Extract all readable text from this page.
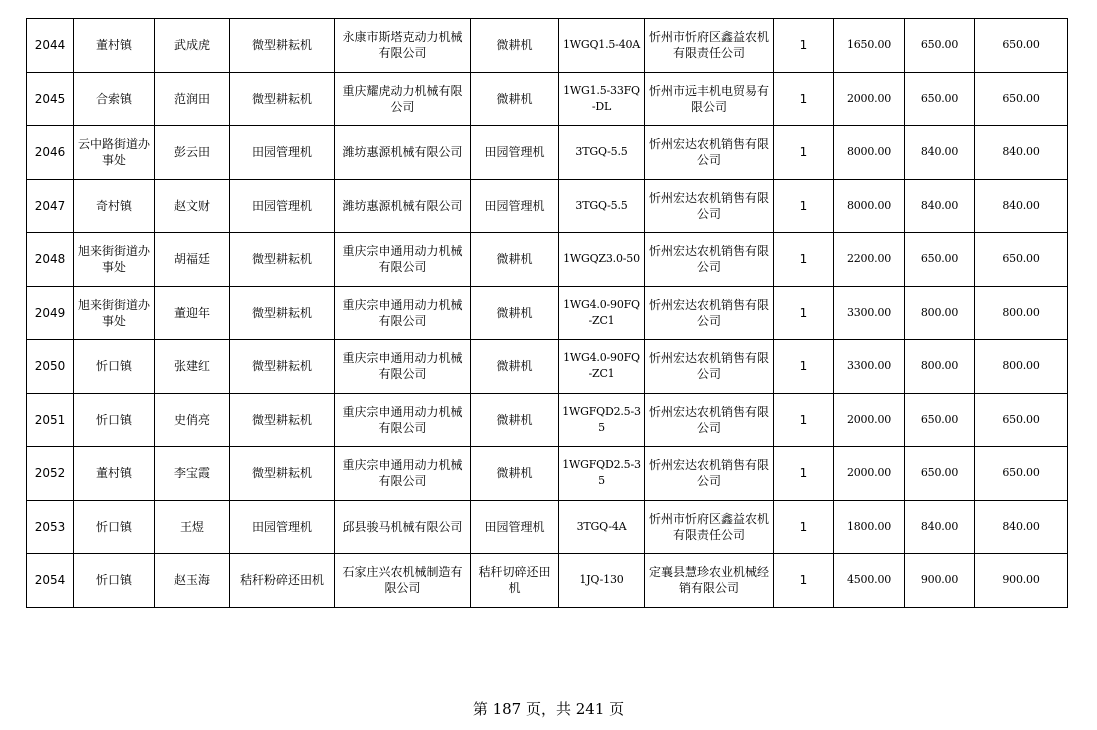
2044	董村镇	武成虎	微型耕耘机	永康市斯塔克动力机械有限公司	微耕机	1WGQ1.5-40A	忻州市忻府区鑫益农机有限责任公司	1	1650.00	650.00	650.00
2045	合索镇	范润田	微型耕耘机	重庆耀虎动力机械有限公司	微耕机	1WG1.5-33FQ-DL	忻州市远丰机电贸易有限公司	1	2000.00	650.00	650.00
2046	云中路街道办事处	彭云田	田园管理机	潍坊惠源机械有限公司	田园管理机	3TGQ-5.5	忻州宏达农机销售有限公司	1	8000.00	840.00	840.00
2047	奇村镇	赵文财	田园管理机	潍坊惠源机械有限公司	田园管理机	3TGQ-5.5	忻州宏达农机销售有限公司	1	8000.00	840.00	840.00
2048	旭来街街道办事处	胡福廷	微型耕耘机	重庆宗申通用动力机械有限公司	微耕机	1WGQZ3.0-50	忻州宏达农机销售有限公司	1	2200.00	650.00	650.00
2049	旭来街街道办事处	董迎年	微型耕耘机	重庆宗申通用动力机械有限公司	微耕机	1WG4.0-90FQ-ZC1	忻州宏达农机销售有限公司	1	3300.00	800.00	800.00
2050	忻口镇	张建红	微型耕耘机	重庆宗申通用动力机械有限公司	微耕机	1WG4.0-90FQ-ZC1	忻州宏达农机销售有限公司	1	3300.00	800.00	800.00
2051	忻口镇	史俏亮	微型耕耘机	重庆宗申通用动力机械有限公司	微耕机	1WGFQD2.5-35	忻州宏达农机销售有限公司	1	2000.00	650.00	650.00
2052	董村镇	李宝霞	微型耕耘机	重庆宗申通用动力机械有限公司	微耕机	1WGFQD2.5-35	忻州宏达农机销售有限公司	1	2000.00	650.00	650.00
2053	忻口镇	王煜	田园管理机	邱县骏马机械有限公司	田园管理机	3TGQ-4A	忻州市忻府区鑫益农机有限责任公司	1	1800.00	840.00	840.00
2054	忻口镇	赵玉海	秸秆粉碎还田机	石家庄兴农机械制造有限公司	秸秆切碎还田机	1JQ-130	定襄县慧珍农业机械经销有限公司	1	4500.00	900.00	900.00
第 187 页，共 241 页
